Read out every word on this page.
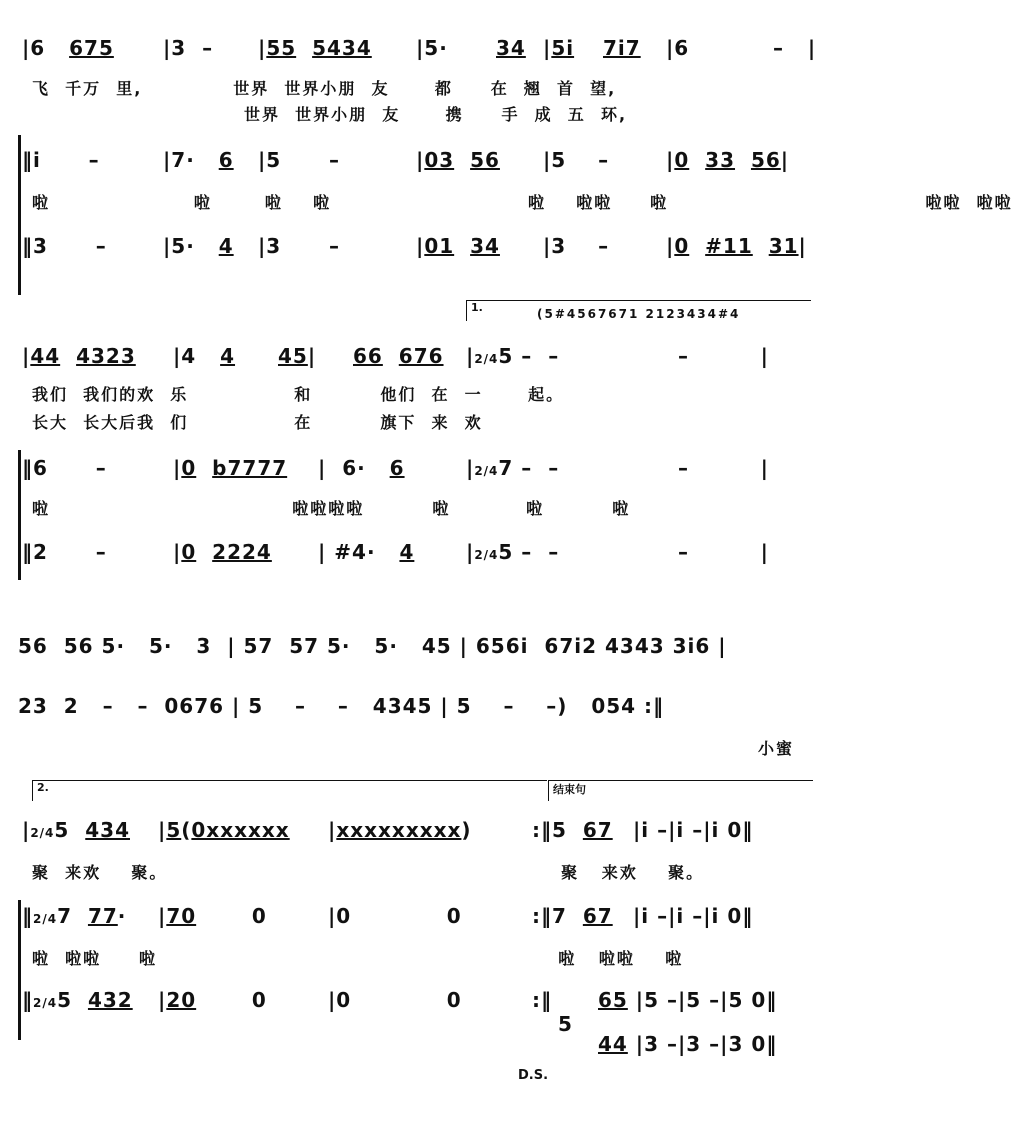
|6   675

|3  –

|55 5434

|5·

34

|5i

7i7

|6

	–   |

飞  千万  里,            世界  世界小朋  友      都     在  翘  首  望,
世界  世界小朋  友      携     手  成  五  环,

‖i      –

	|7·   6

|5      –

	|03 56

|5    –

	|0 33 56|

啦                   啦       啦    啦                          啦    啦啦     啦                                  啦啦  啦啦

‖3      –

	|5·   4

|3      –

	|01 34

|3    –

	|0 #11 31|

1.	(5#4567671 2123434#4

|44 4323

|4   4

45|

66 676

|2/45 –  –

	–         |

我们  我们的欢  乐              和         他们  在  一      起。
长大  长大后我  们              在         旗下  来  欢

‖6      –

	|0 b7777

|  6·   6

	|2/47 –  –

	–         |

啦                                啦啦啦啦         啦          啦         啦

‖2      –

	|0 2224

| #4·   4

	|2/45 –  –

	–         |

56  56 5·   5·   3  | 57  57 5·   5·   45 | 656i  67i2 4343 3i6 |
23  2   –   –  0676 | 5    –    –   4345 | 5    –    –)   054 :‖
小蜜
2.	结束句

|2/45  434

|5(0xxxxxx

|xxxxxxxxx)

	:‖5  67

|i –|i –|i 0‖

聚  来欢    聚。                                                    聚   来欢    聚。

‖2/47  77·

|70       0

	|0            0

	:‖7  67

|i –|i –|i 0‖

啦  啦啦     啦                                                     啦   啦啦    啦

‖2/45  432

|20       0

	|0            0

	:‖

65 |5 –|5 –|5 0‖

5

44 |3 –|3 –|3 0‖

D.S.
